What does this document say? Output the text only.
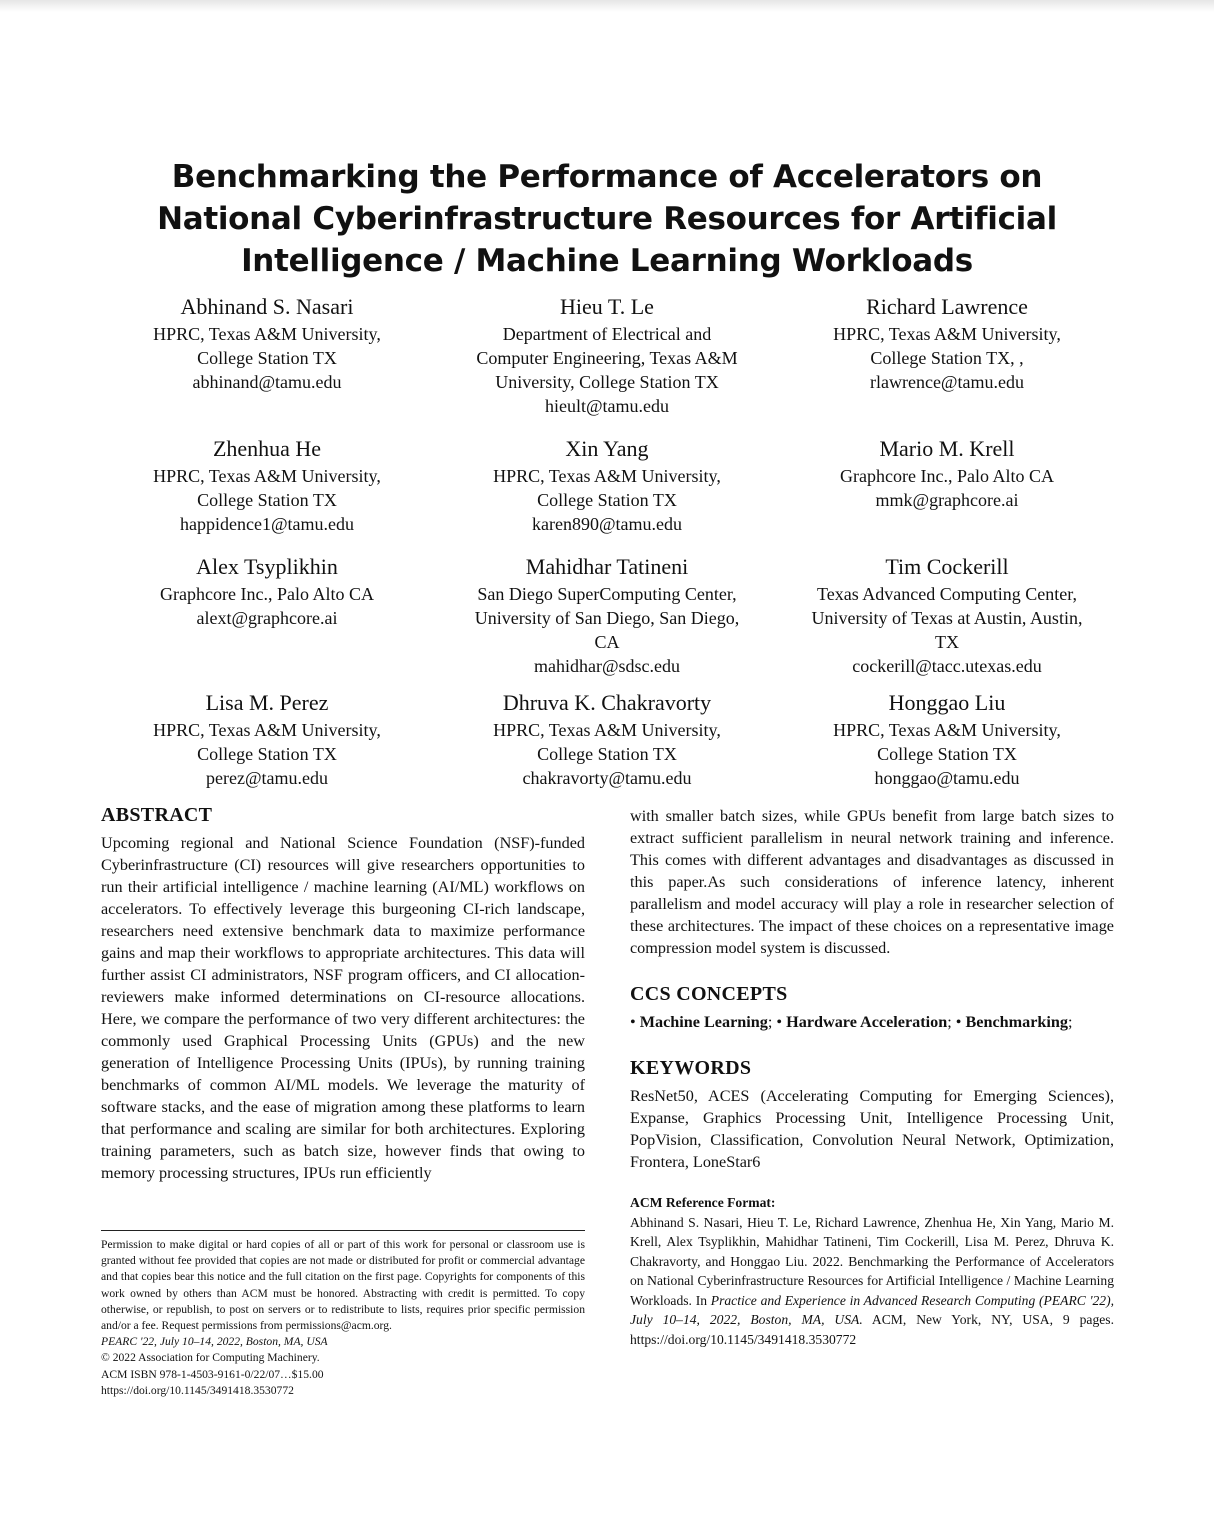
Benchmarking the Performance of Accelerators on National Cyberinfrastructure Resources for Artificial Intelligence / Machine Learning Workloads
Abhinand S. Nasari
HPRC, Texas A&M University,
College Station TX
abhinand@tamu.edu
Hieu T. Le
Department of Electrical and
Computer Engineering, Texas A&M
University, College Station TX
hieult@tamu.edu
Richard Lawrence
HPRC, Texas A&M University,
College Station TX, ,
rlawrence@tamu.edu
Zhenhua He
HPRC, Texas A&M University,
College Station TX
happidence1@tamu.edu
Xin Yang
HPRC, Texas A&M University,
College Station TX
karen890@tamu.edu
Mario M. Krell
Graphcore Inc., Palo Alto CA
mmk@graphcore.ai
Alex Tsyplikhin
Graphcore Inc., Palo Alto CA
alext@graphcore.ai
Mahidhar Tatineni
San Diego SuperComputing Center,
University of San Diego, San Diego,
CA
mahidhar@sdsc.edu
Tim Cockerill
Texas Advanced Computing Center,
University of Texas at Austin, Austin,
TX
cockerill@tacc.utexas.edu
Lisa M. Perez
HPRC, Texas A&M University,
College Station TX
perez@tamu.edu
Dhruva K. Chakravorty
HPRC, Texas A&M University,
College Station TX
chakravorty@tamu.edu
Honggao Liu
HPRC, Texas A&M University,
College Station TX
honggao@tamu.edu
ABSTRACT

Upcoming regional and National Science Foundation (NSF)-funded Cyberinfrastructure (CI) resources will give researchers opportunities to run their artificial intelligence / machine learning (AI/ML) workflows on accelerators. To effectively leverage this burgeoning CI-rich landscape, researchers need extensive benchmark data to maximize performance gains and map their workflows to appropriate architectures. This data will further assist CI administrators, NSF program officers, and CI allocation-reviewers make informed determinations on CI-resource allocations. Here, we compare the performance of two very different architectures: the commonly used Graphical Processing Units (GPUs) and the new generation of Intelligence Processing Units (IPUs), by running training benchmarks of common AI/ML models. We leverage the maturity of software stacks, and the ease of migration among these platforms to learn that performance and scaling are similar for both architectures. Exploring training parameters, such as batch size, however finds that owing to memory processing structures, IPUs run efficiently

with smaller batch sizes, while GPUs benefit from large batch sizes to extract sufficient parallelism in neural network training and inference. This comes with different advantages and disadvantages as discussed in this paper.As such considerations of inference latency, inherent parallelism and model accuracy will play a role in researcher selection of these architectures. The impact of these choices on a representative image compression model system is discussed.

CCS CONCEPTS

• Machine Learning; • Hardware Acceleration; • Benchmarking;

KEYWORDS

ResNet50, ACES (Accelerating Computing for Emerging Sciences), Expanse, Graphics Processing Unit, Intelligence Processing Unit, PopVision, Classification, Convolution Neural Network, Optimization, Frontera, LoneStar6

ACM Reference Format:

Abhinand S. Nasari, Hieu T. Le, Richard Lawrence, Zhenhua He, Xin Yang, Mario M. Krell, Alex Tsyplikhin, Mahidhar Tatineni, Tim Cockerill, Lisa M. Perez, Dhruva K. Chakravorty, and Honggao Liu. 2022. Benchmarking the Performance of Accelerators on National Cyberinfrastructure Resources for Artificial Intelligence / Machine Learning Workloads. In Practice and Experience in Advanced Research Computing (PEARC '22), July 10–14, 2022, Boston, MA, USA. ACM, New York, NY, USA, 9 pages. https://doi.org/10.1145/3491418.3530772

Permission to make digital or hard copies of all or part of this work for personal or classroom use is granted without fee provided that copies are not made or distributed for profit or commercial advantage and that copies bear this notice and the full citation on the first page. Copyrights for components of this work owned by others than ACM must be honored. Abstracting with credit is permitted. To copy otherwise, or republish, to post on servers or to redistribute to lists, requires prior specific permission and/or a fee. Request permissions from permissions@acm.org.
PEARC '22, July 10–14, 2022, Boston, MA, USA
© 2022 Association for Computing Machinery.
ACM ISBN 978-1-4503-9161-0/22/07…$15.00
https://doi.org/10.1145/3491418.3530772
